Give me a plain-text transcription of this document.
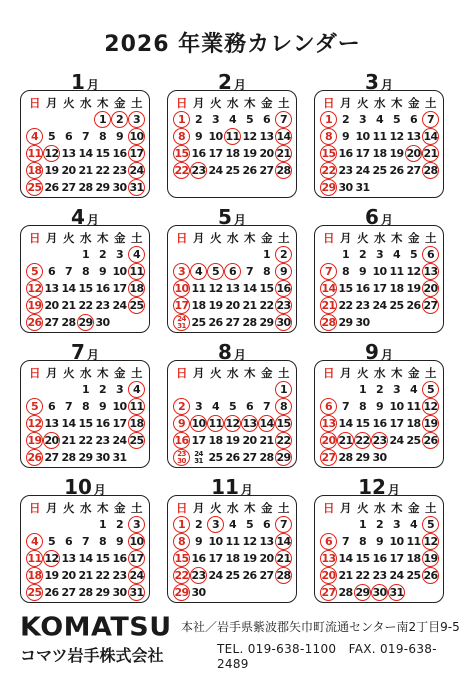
2026 年業務カレンダー
1 月
日 月 火 水 木 金 土
1 2 3
4 5 6 7 8 9 10
11 12 13 14 15 16 17
18 19 20 21 22 23 24
25 26 27 28 29 30 31
2 月
日 月 火 水 木 金 土
1 2 3 4 5 6 7
8 9 10 11 12 13 14
15 16 17 18 19 20 21
22 23 24 25 26 27 28
3 月
日 月 火 水 木 金 土
1 2 3 4 5 6 7
8 9 10 11 12 13 14
15 16 17 18 19 20 21
22 23 24 25 26 27 28
29 30 31
4 月
日 月 火 水 木 金 土
1 2 3 4
5 6 7 8 9 10 11
12 13 14 15 16 17 18
19 20 21 22 23 24 25
26 27 28 29 30
5 月
日 月 火 水 木 金 土
1 2
3 4 5 6 7 8 9
10 11 12 13 14 15 16
17 18 19 20 21 22 23
24
31 25 26 27 28 29 30
6 月
日 月 火 水 木 金 土
1 2 3 4 5 6
7 8 9 10 11 12 13
14 15 16 17 18 19 20
21 22 23 24 25 26 27
28 29 30
7 月
日 月 火 水 木 金 土
1 2 3 4
5 6 7 8 9 10 11
12 13 14 15 16 17 18
19 20 21 22 23 24 25
26 27 28 29 30 31
8 月
日 月 火 水 木 金 土
1
2 3 4 5 6 7 8
9 10 11 12 13 14 15
16 17 18 19 20 21 22
23
30
24
31 25 26 27 28 29
9 月
日 月 火 水 木 金 土
1 2 3 4 5
6 7 8 9 10 11 12
13 14 15 16 17 18 19
20 21 22 23 24 25 26
27 28 29 30
10 月
日 月 火 水 木 金 土
1 2 3
4 5 6 7 8 9 10
11 12 13 14 15 16 17
18 19 20 21 22 23 24
25 26 27 28 29 30 31
11 月
日 月 火 水 木 金 土
1 2 3 4 5 6 7
8 9 10 11 12 13 14
15 16 17 18 19 20 21
22 23 24 25 26 27 28
29 30
12 月
日 月 火 水 木 金 土
1 2 3 4 5
6 7 8 9 10 11 12
13 14 15 16 17 18 19
20 21 22 23 24 25 26
27 28 29 30 31
KOMATSU
コマツ岩手株式会社
本社／岩手県紫波郡矢巾町流通センター南2丁目9-5
TEL. 019-638-1100　FAX. 019-638-2489
